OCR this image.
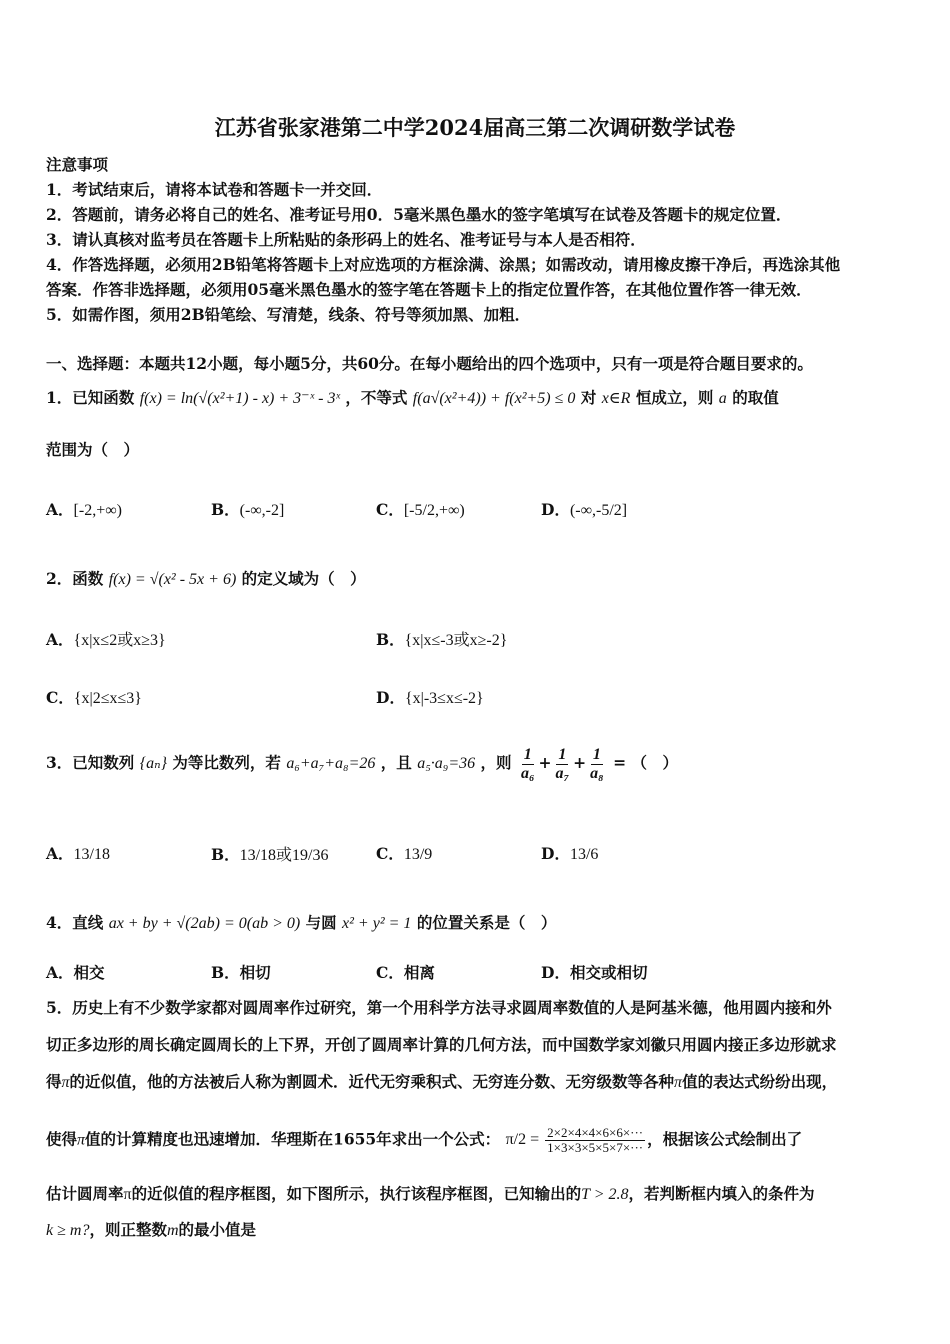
江苏省张家港第二中学2024届高三第二次调研数学试卷
注意事项
1．考试结束后，请将本试卷和答题卡一并交回．
2．答题前，请务必将自己的姓名、准考证号用0．5毫米黑色墨水的签字笔填写在试卷及答题卡的规定位置．
3．请认真核对监考员在答题卡上所粘贴的条形码上的姓名、准考证号与本人是否相符．
4．作答选择题，必须用2B铅笔将答题卡上对应选项的方框涂满、涂黑；如需改动，请用橡皮擦干净后，再选涂其他
答案．作答非选择题，必须用05毫米黑色墨水的签字笔在答题卡上的指定位置作答，在其他位置作答一律无效．
5．如需作图，须用2B铅笔绘、写清楚，线条、符号等须加黑、加粗．
一、选择题：本题共12小题，每小题5分，共60分。在每小题给出的四个选项中，只有一项是符合题目要求的。
1．已知函数 f(x) = ln(√(x²+1) - x) + 3⁻ˣ - 3ˣ ，不等式 f(a√(x²+4)) + f(x²+5) ≤ 0 对 x∈R 恒成立，则 a 的取值
范围为（　）
A．[-2,+∞)	B．(-∞,-2]	C．[-5/2,+∞)	D．(-∞,-5/2]
2．函数 f(x) = √(x² - 5x + 6) 的定义域为（　）
A．{x|x≤2或x≥3}	B．{x|x≤-3或x≥-2}
C．{x|2≤x≤3}	D．{x|-3≤x≤-2}
3．已知数列 {aₙ} 为等比数列，若 a₆+a₇+a₈=26 ，且 a₅·a₉=36 ，则 $\frac{1}{\text{a₆}} + \frac{1}{\text{a₇}} + \frac{1}{\text{a₈}}$ = （　）
A．13/18	B．13/18或19/36	C．13/9	D．13/6
4．直线 ax + by + √(2ab) = 0(ab > 0) 与圆 x² + y² = 1 的位置关系是（　）
A．相交	B．相切	C．相离	D．相交或相切
5．历史上有不少数学家都对圆周率作过研究，第一个用科学方法寻求圆周率数值的人是阿基米德，他用圆内接和外
切正多边形的周长确定圆周长的上下界，开创了圆周率计算的几何方法，而中国数学家刘徽只用圆内接正多边形就求
得π的近似值，他的方法被后人称为割圆术．近代无穷乘积式、无穷连分数、无穷级数等各种π值的表达式纷纷出现，
使得π值的计算精度也迅速增加．华理斯在1655年求出一个公式： $\pi/2 = \frac{2\times 2\times 4\times 4\times 6\times 6\times\cdot\cdot\cdot}{1\times 3\times 3\times 5\times 5\times 7\times\cdot\cdot\cdot}$ ，根据该公式绘制出了
估计圆周率π的近似值的程序框图，如下图所示，执行该程序框图，已知输出的T > 2.8，若判断框内填入的条件为
k ≥ m?，则正整数m的最小值是
